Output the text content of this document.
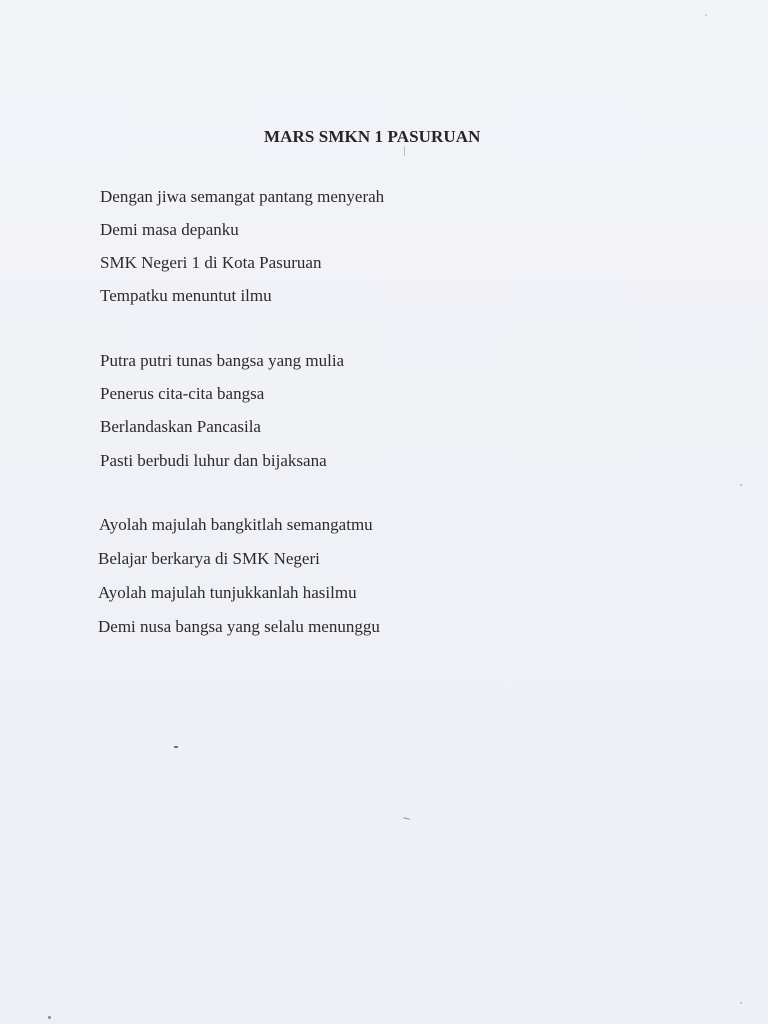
MARS SMKN 1 PASURUAN
Dengan jiwa semangat pantang menyerah
Demi masa depanku
SMK Negeri 1 di Kota Pasuruan
Tempatku menuntut ilmu
Putra putri tunas bangsa yang mulia
Penerus cita-cita bangsa
Berlandaskan Pancasila
Pasti berbudi luhur dan bijaksana
Ayolah majulah bangkitlah semangatmu
Belajar berkarya di SMK Negeri
Ayolah majulah tunjukkanlah hasilmu
Demi nusa bangsa yang selalu menunggu
